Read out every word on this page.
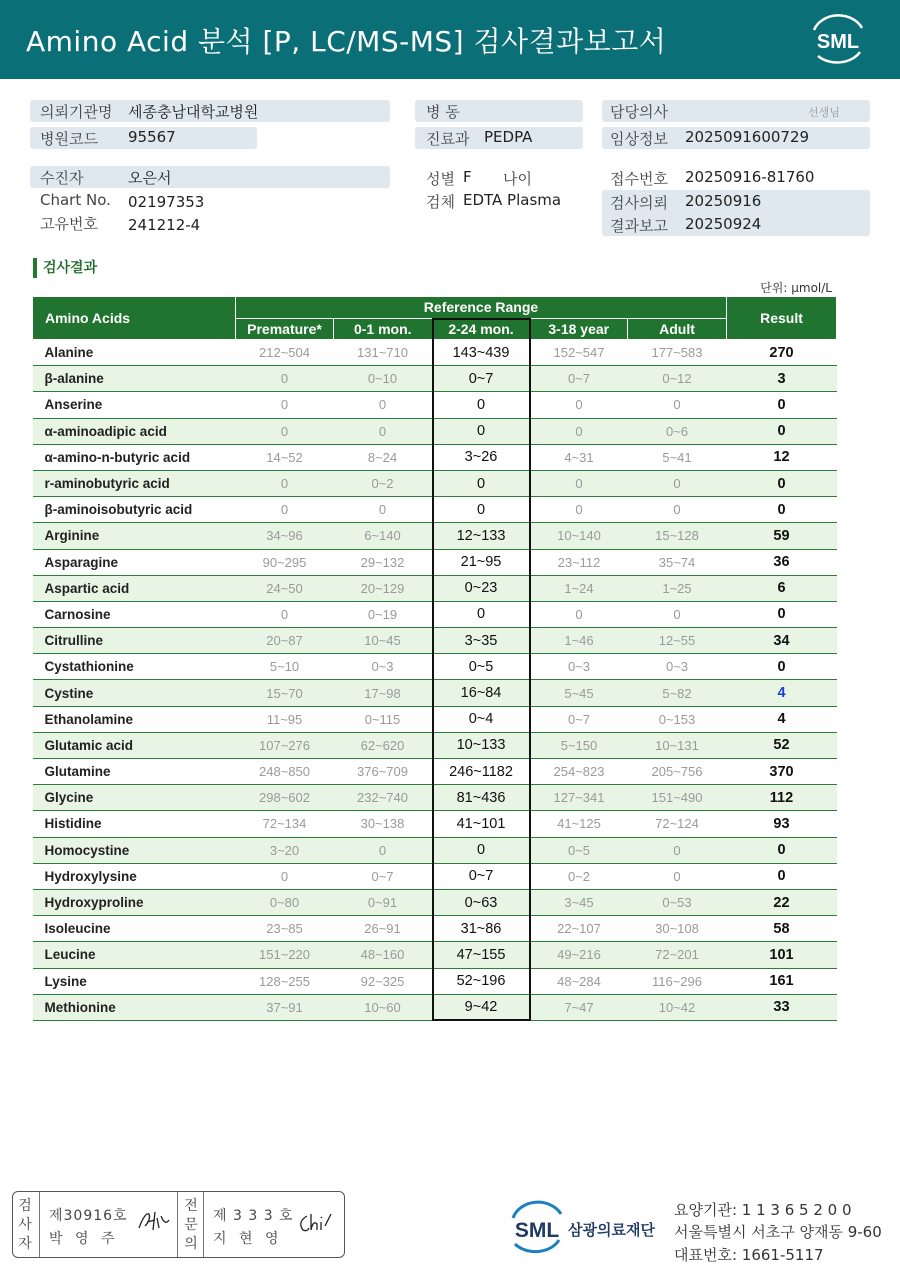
Amino Acid 분석 [P, LC/MS-MS] 검사결과보고서	SML
의뢰기관명 세종충남대학교병원
병원코드 95567
수진자	오은서
Chart No. 02197353
고유번호 241212-4
병 동
진료과 PEDPA
성별 F 나이
검체 EDTA Plasma
담당의사	선생님
임상정보 2025091600729
접수번호 20250916-81760
검사의뢰 20250916
결과보고 20250924
검사결과
단위: μmol/L
Amino Acids	Reference Range					Result
	Premature*	0-1 mon.	2-24 mon.	3-18 year	Adult	
Alanine	212~504	131~710	143~439	152~547	177~583	270
β-alanine	0	0~10	0~7	0~7	0~12	3
Anserine	0	0	0	0	0	0
α-aminoadipic acid	0	0	0	0	0~6	0
α-amino-n-butyric acid	14~52	8~24	3~26	4~31	5~41	12
r-aminobutyric acid	0	0~2	0	0	0	0
β-aminoisobutyric acid	0	0	0	0	0	0
Arginine	34~96	6~140	12~133	10~140	15~128	59
Asparagine	90~295	29~132	21~95	23~112	35~74	36
Aspartic acid	24~50	20~129	0~23	1~24	1~25	6
Carnosine	0	0~19	0	0	0	0
Citrulline	20~87	10~45	3~35	1~46	12~55	34
Cystathionine	5~10	0~3	0~5	0~3	0~3	0
Cystine	15~70	17~98	16~84	5~45	5~82	4
Ethanolamine	11~95	0~115	0~4	0~7	0~153	4
Glutamic acid	107~276	62~620	10~133	5~150	10~131	52
Glutamine	248~850	376~709	246~1182	254~823	205~756	370
Glycine	298~602	232~740	81~436	127~341	151~490	112
Histidine	72~134	30~138	41~101	41~125	72~124	93
Homocystine	3~20	0	0	0~5	0	0
Hydroxylysine	0	0~7	0~7	0~2	0	0
Hydroxyproline	0~80	0~91	0~63	3~45	0~53	22
Isoleucine	23~85	26~91	31~86	22~107	30~108	58
Leucine	151~220	48~160	47~155	49~216	72~201	101
Lysine	128~255	92~325	52~196	48~284	116~296	161
Methionine	37~91	10~60	9~42	7~47	10~42	33
검
사
자
제30916호
박 영 주
전
문
의
제 3 3 3 호
지 현 영	SML 삼광의료재단
요양기관: 1 1 3 6 5 2 0 0
서울특별시 서초구 양재동 9-60
대표번호: 1661-5117
